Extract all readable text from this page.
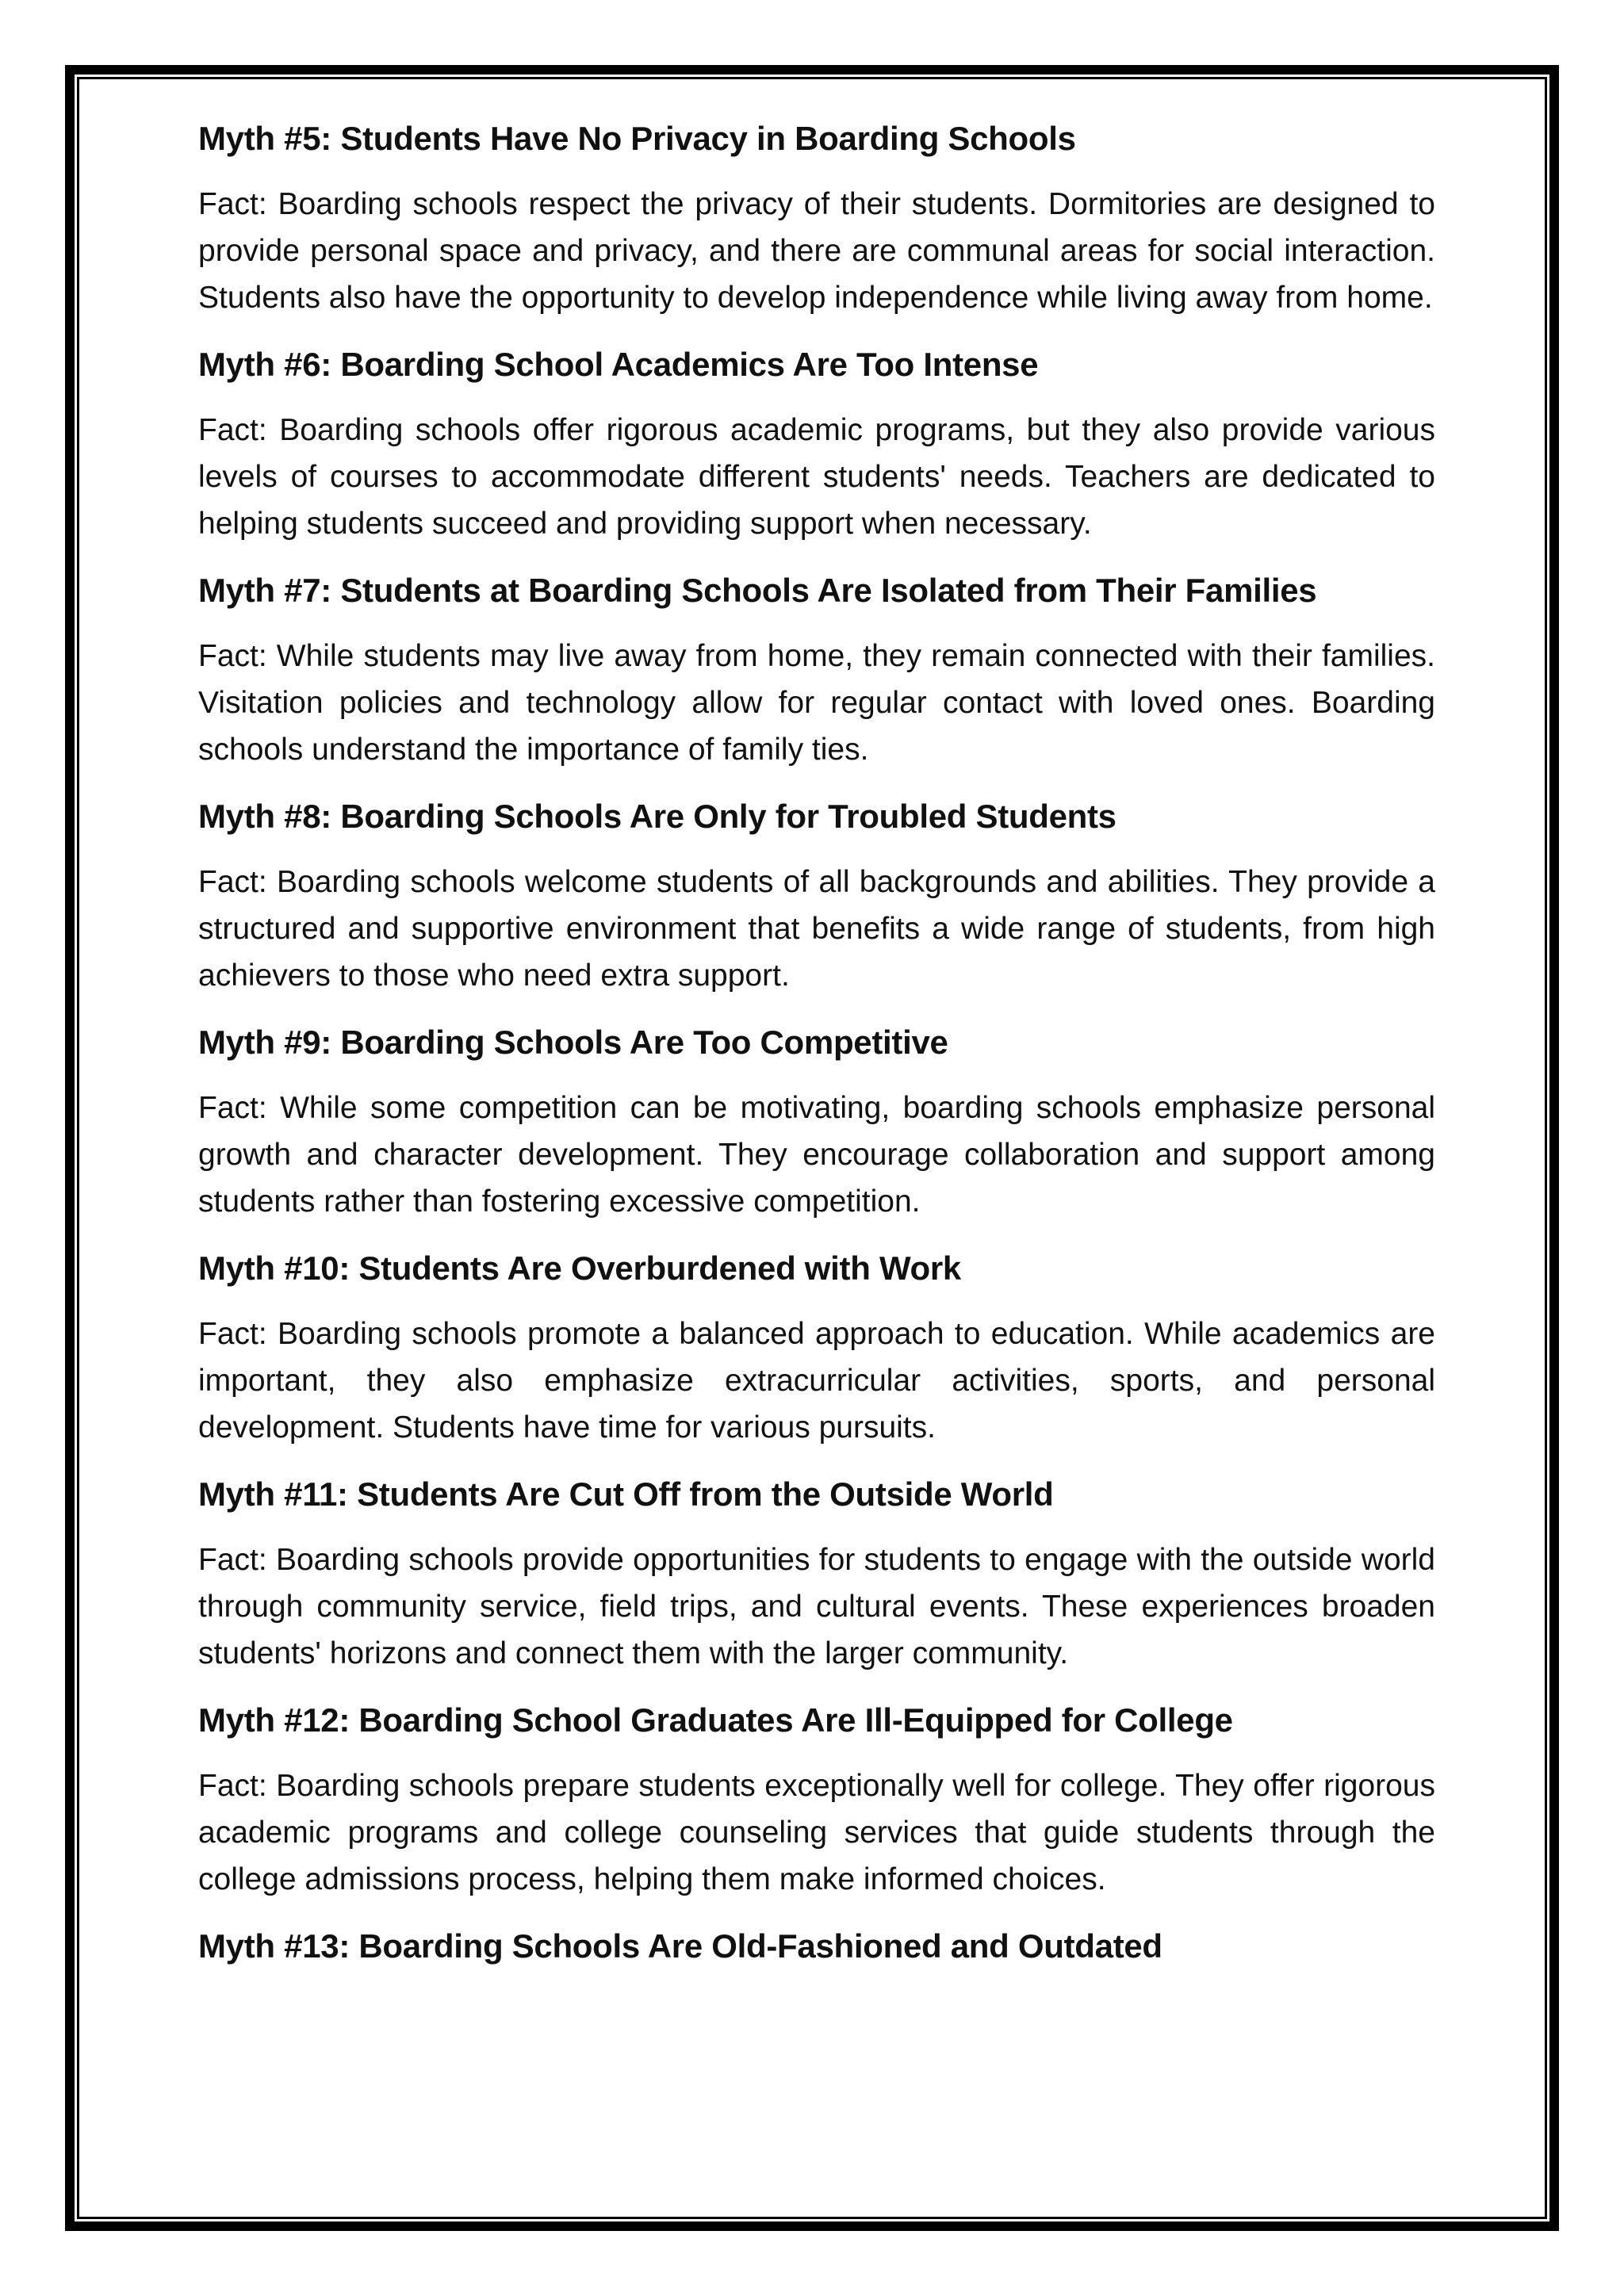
Myth #5: Students Have No Privacy in Boarding Schools

Fact: Boarding schools respect the privacy of their students. Dormitories are designed to provide personal space and privacy, and there are communal areas for social interaction. Students also have the opportunity to develop independence while living away from home.

Myth #6: Boarding School Academics Are Too Intense

Fact: Boarding schools offer rigorous academic programs, but they also provide various levels of courses to accommodate different students' needs. Teachers are dedicated to helping students succeed and providing support when necessary.

Myth #7: Students at Boarding Schools Are Isolated from Their Families

Fact: While students may live away from home, they remain connected with their families. Visitation policies and technology allow for regular contact with loved ones. Boarding schools understand the importance of family ties.

Myth #8: Boarding Schools Are Only for Troubled Students

Fact: Boarding schools welcome students of all backgrounds and abilities. They provide a structured and supportive environment that benefits a wide range of students, from high achievers to those who need extra support.

Myth #9: Boarding Schools Are Too Competitive

Fact: While some competition can be motivating, boarding schools emphasize personal growth and character development. They encourage collaboration and support among students rather than fostering excessive competition.

Myth #10: Students Are Overburdened with Work

Fact: Boarding schools promote a balanced approach to education. While academics are important, they also emphasize extracurricular activities, sports, and personal development. Students have time for various pursuits.

Myth #11: Students Are Cut Off from the Outside World

Fact: Boarding schools provide opportunities for students to engage with the outside world through community service, field trips, and cultural events. These experiences broaden students' horizons and connect them with the larger community.

Myth #12: Boarding School Graduates Are Ill-Equipped for College

Fact: Boarding schools prepare students exceptionally well for college. They offer rigorous academic programs and college counseling services that guide students through the college admissions process, helping them make informed choices.

Myth #13: Boarding Schools Are Old-Fashioned and Outdated
